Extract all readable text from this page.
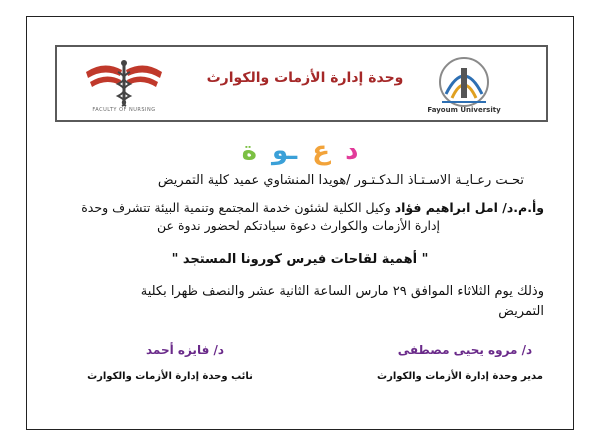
FACULTY OF NURSING
وحدة إدارة الأزمات والكوارث
Fayoum University
د ع ـو ة
تحـت رعـايـة الاسـتـاذ الـدكـتـور /هويدا المنشاوي عميد كلية التمريض
وأ.م.د/ امل ابراهيم فؤاد وكيل الكلية لشئون خدمة المجتمع وتنمية البيئة تتشرف وحدة
إدارة الأزمات والكوارث دعوة سيادتكم لحضور ندوة عن
" أهمية لقاحات فيرس كورونا المستجد "
وذلك يوم الثلاثاء الموافق ٢٩ مارس الساعة الثانية عشر والنصف ظهرا بكلية
التمريض
د/ مروه يحيى مصطفى
مدير وحدة إدارة الأزمات والكوارث
د/ فايزه أحمد
نائب وحدة إدارة الأزمات والكوارث
